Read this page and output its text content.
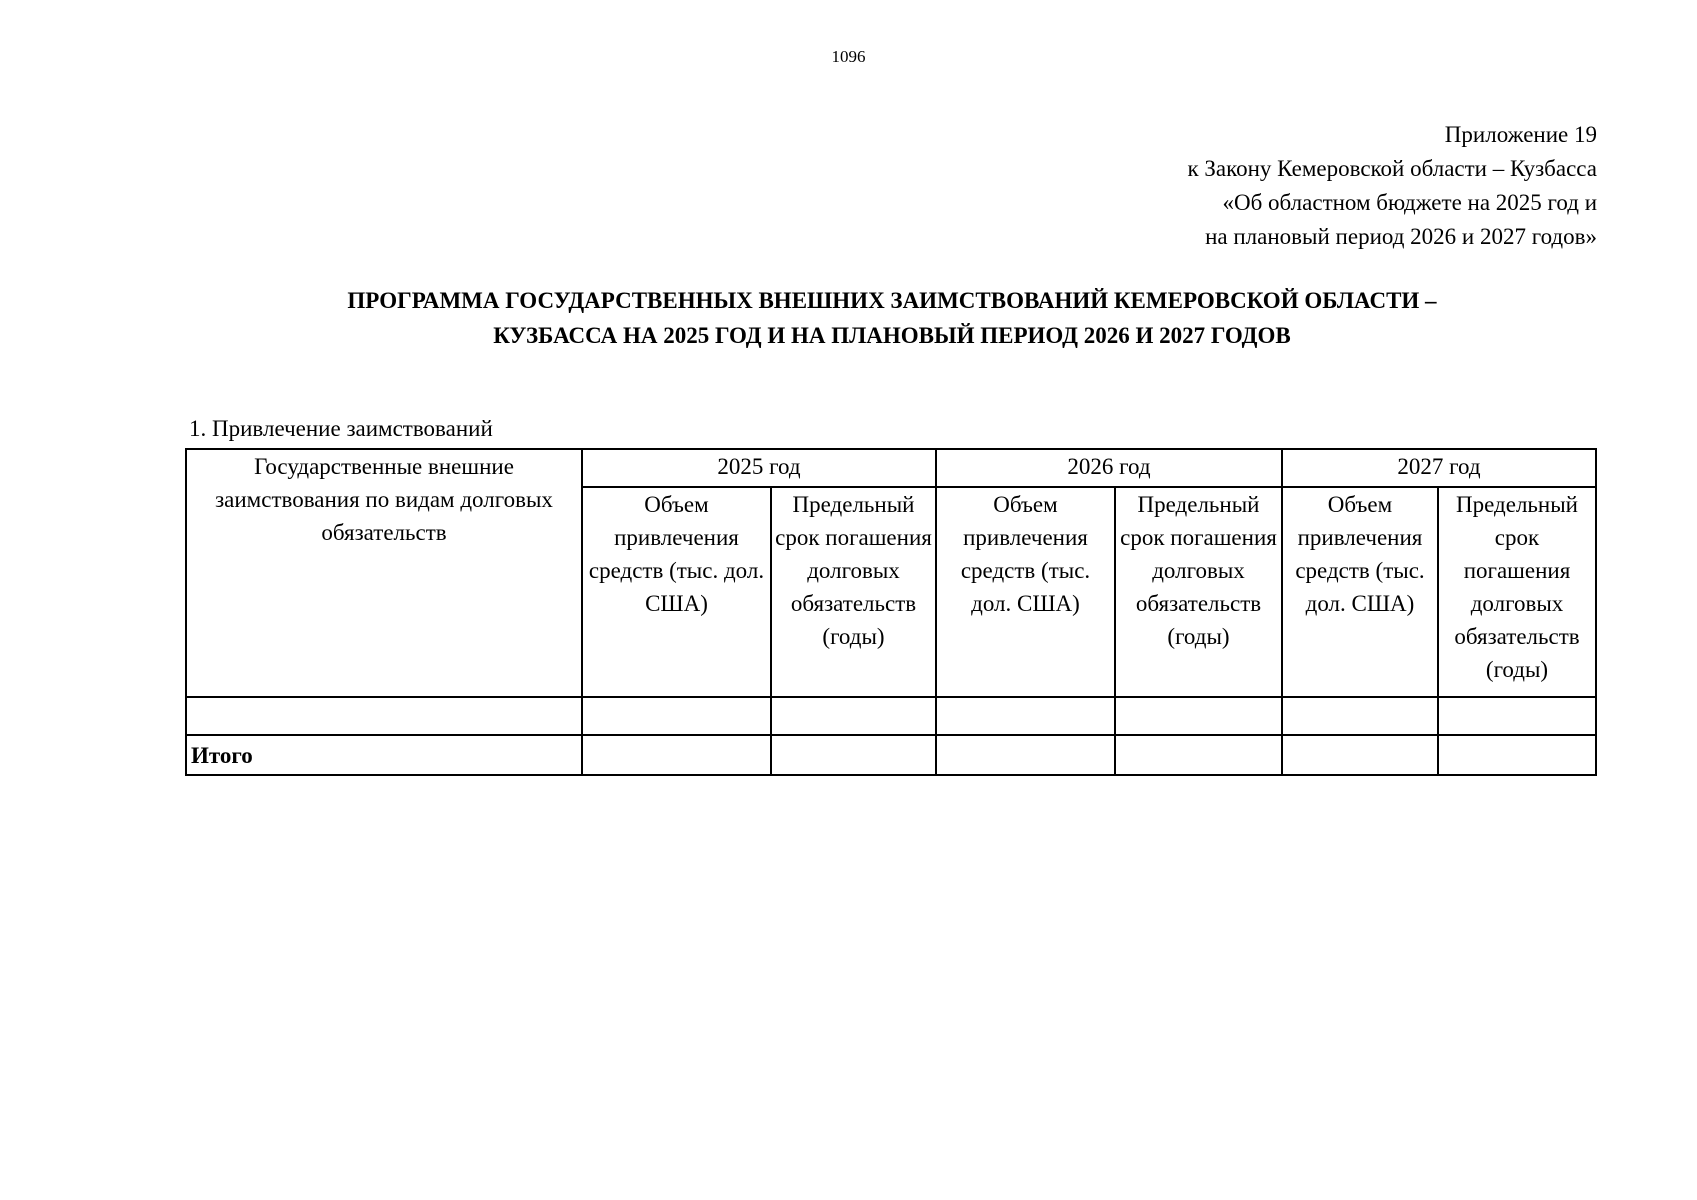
1096
Приложение 19
к Закону Кемеровской области – Кузбасса
«Об областном бюджете на 2025 год и
на плановый период 2026 и 2027 годов»
ПРОГРАММА ГОСУДАРСТВЕННЫХ ВНЕШНИХ ЗАИМСТВОВАНИЙ КЕМЕРОВСКОЙ ОБЛАСТИ –
КУЗБАССА НА 2025 ГОД И НА ПЛАНОВЫЙ ПЕРИОД 2026 И 2027 ГОДОВ
1. Привлечение заимствований
Государственные внешние заимствования по видам долговых обязательств	2025 год		2026 год		2027 год	
	Объем привлечения средств (тыс. дол. США)	Предельный срок погашения долговых обязательств (годы)	Объем привлечения средств (тыс. дол. США)	Предельный срок погашения долговых обязательств (годы)	Объем привлечения средств (тыс. дол. США)	Предельный срок погашения долговых обязательств (годы)

Итого						
